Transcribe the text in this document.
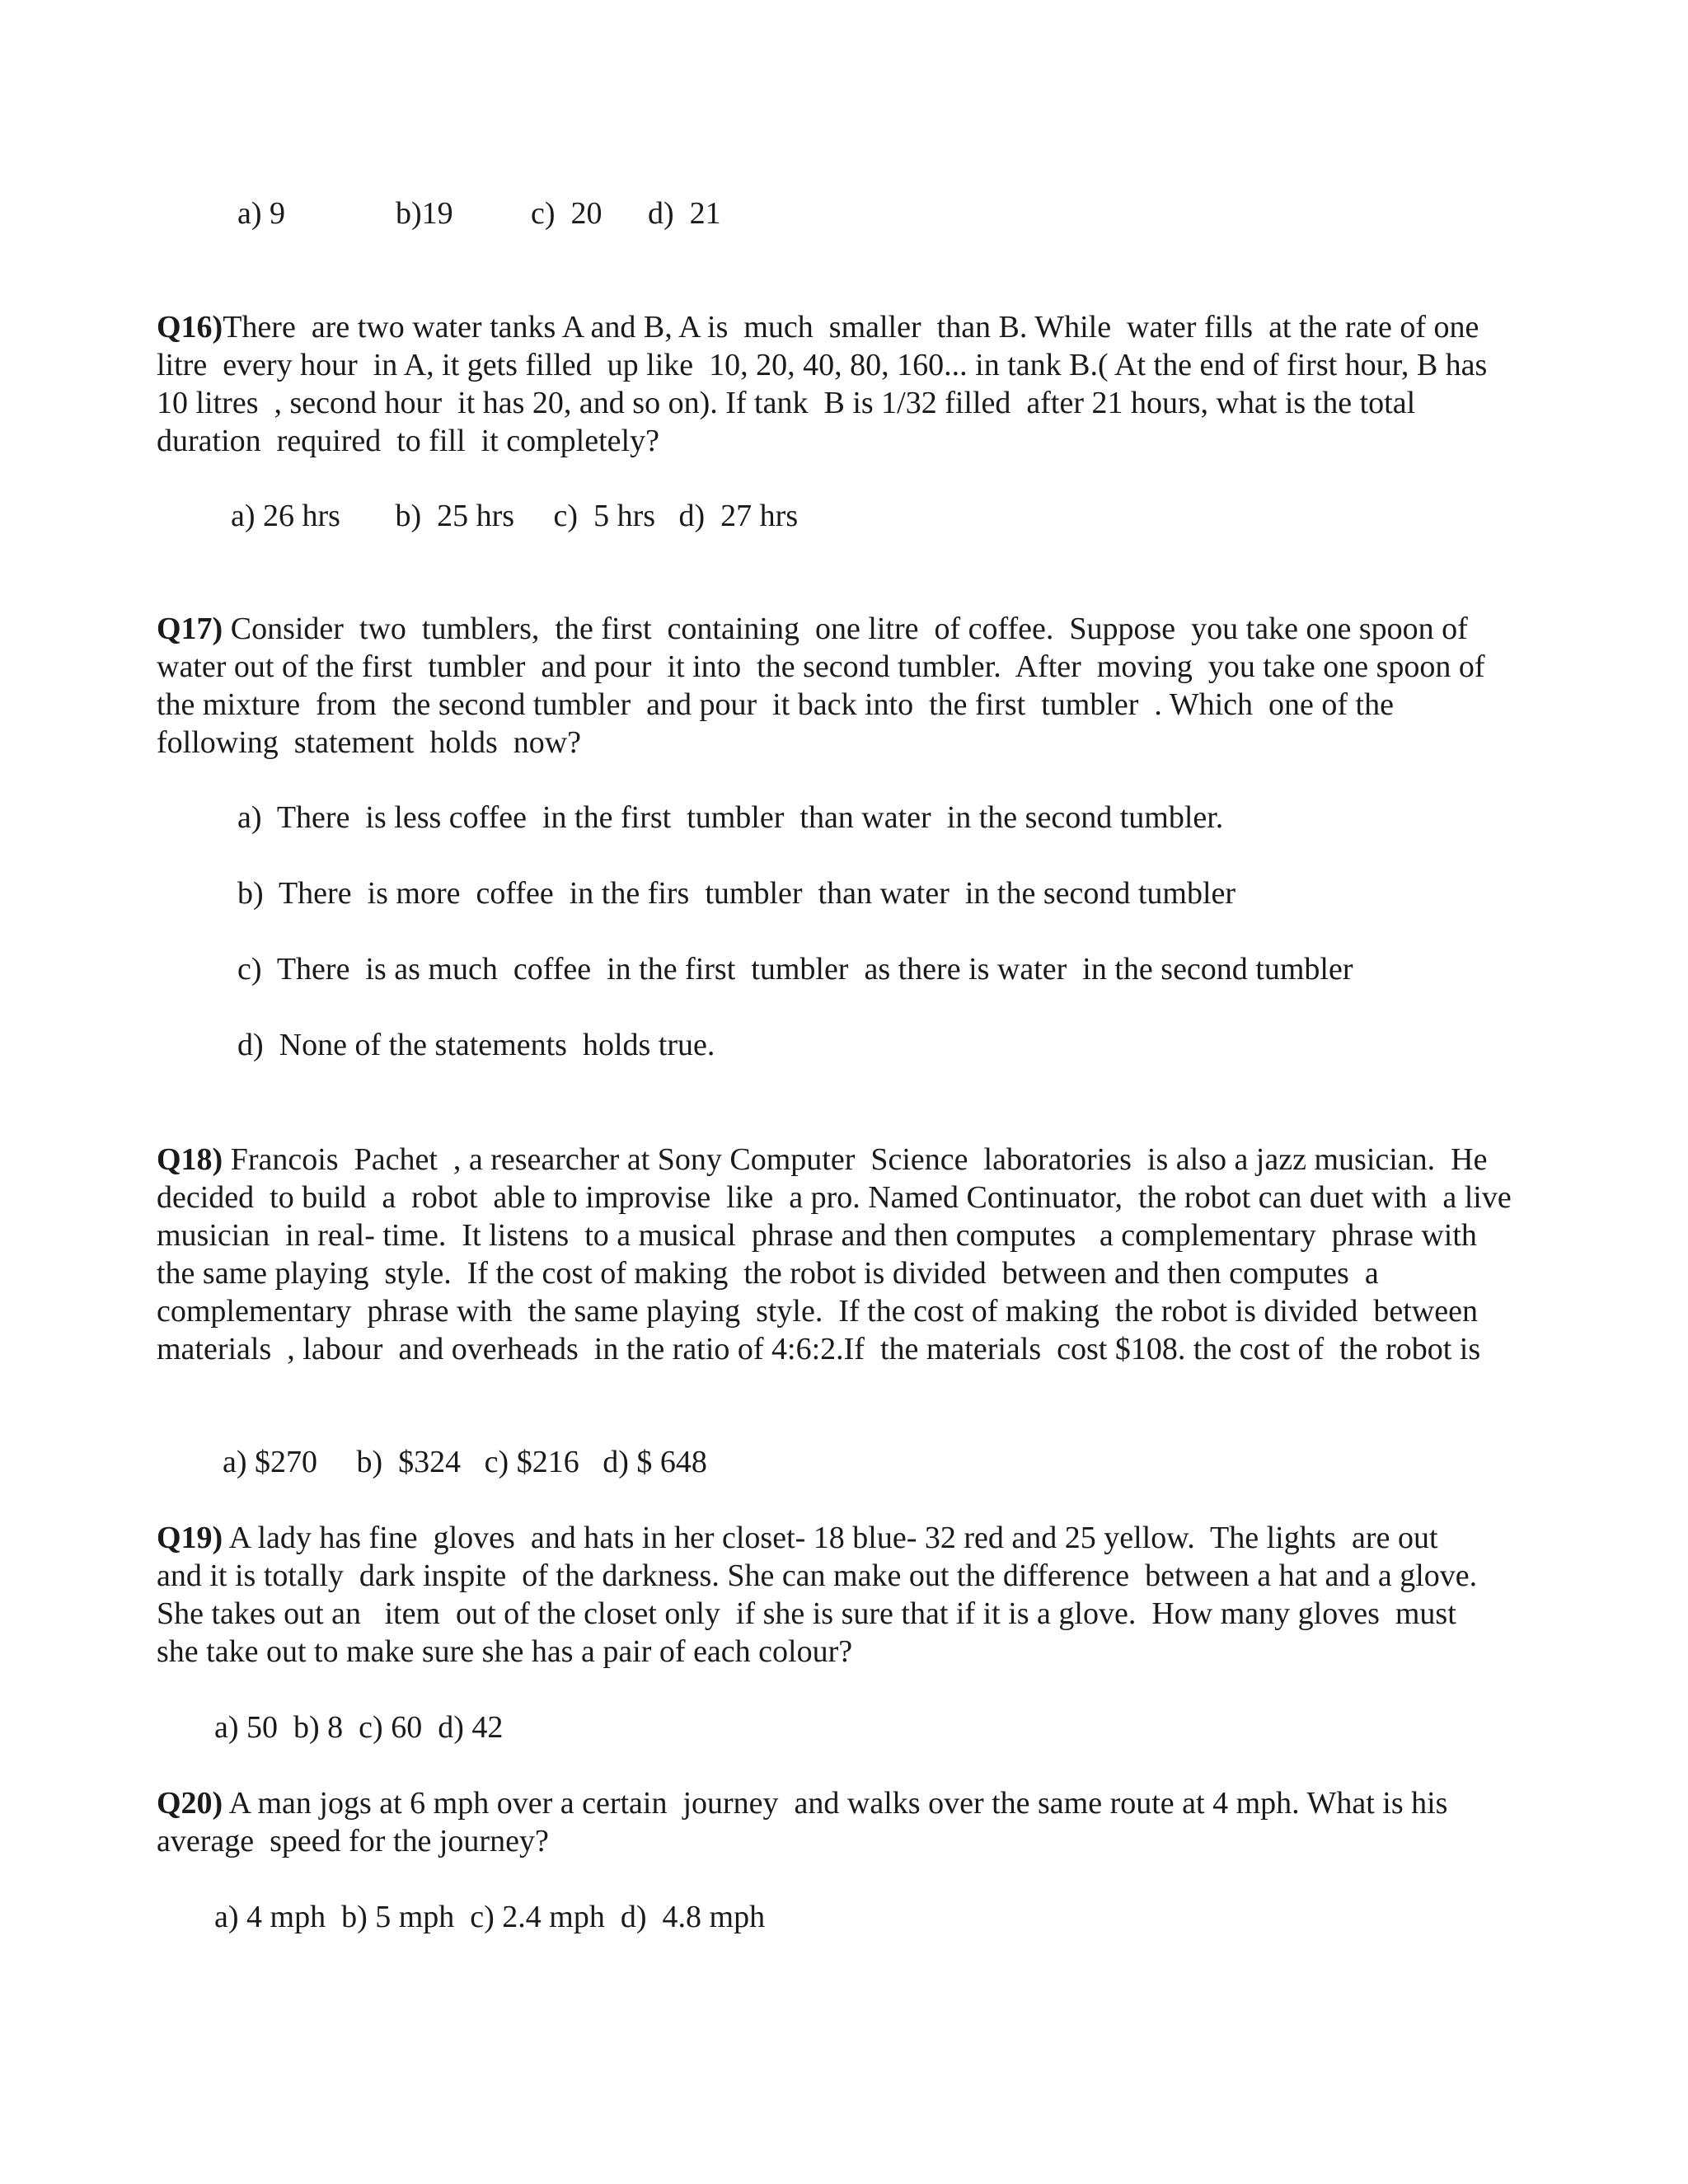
a) 9	b)19 c)  20 d)  21
Q16)There  are two water tanks A and B, A is  much  smaller  than B. While  water fills  at the rate of one
litre  every hour  in A, it gets filled  up like  10, 20, 40, 80, 160... in tank B.( At the end of first hour, B has
10 litres  , second hour  it has 20, and so on). If tank  B is 1/32 filled  after 21 hours, what is the total
duration  required  to fill  it completely?
a) 26 hrs       b)  25 hrs     c)  5 hrs   d)  27 hrs
Q17) Consider  two  tumblers,  the first  containing  one litre  of coffee.  Suppose  you take one spoon of
water out of the first  tumbler  and pour  it into  the second tumbler.  After  moving  you take one spoon of
the mixture  from  the second tumbler  and pour  it back into  the first  tumbler  . Which  one of the
following  statement  holds  now?
a)  There  is less coffee  in the first  tumbler  than water  in the second tumbler.
b)  There  is more  coffee  in the firs  tumbler  than water  in the second tumbler
c)  There  is as much  coffee  in the first  tumbler  as there is water  in the second tumbler
d)  None of the statements  holds true.
Q18) Francois  Pachet  , a researcher at Sony Computer  Science  laboratories  is also a jazz musician.  He
decided  to build  a  robot  able to improvise  like  a pro. Named Continuator,  the robot can duet with  a live
musician  in real- time.  It listens  to a musical  phrase and then computes   a complementary  phrase with
the same playing  style.  If the cost of making  the robot is divided  between and then computes  a
complementary  phrase with  the same playing  style.  If the cost of making  the robot is divided  between
materials  , labour  and overheads  in the ratio of 4:6:2.If  the materials  cost $108. the cost of  the robot is
a) $270     b)  $324   c) $216   d) $ 648
Q19) A lady has fine  gloves  and hats in her closet- 18 blue- 32 red and 25 yellow.  The lights  are out
and it is totally  dark inspite  of the darkness. She can make out the difference  between a hat and a glove.
She takes out an   item  out of the closet only  if she is sure that if it is a glove.  How many gloves  must
she take out to make sure she has a pair of each colour?
a) 50  b) 8  c) 60  d) 42
Q20) A man jogs at 6 mph over a certain  journey  and walks over the same route at 4 mph. What is his
average  speed for the journey?
a) 4 mph  b) 5 mph  c) 2.4 mph  d)  4.8 mph
